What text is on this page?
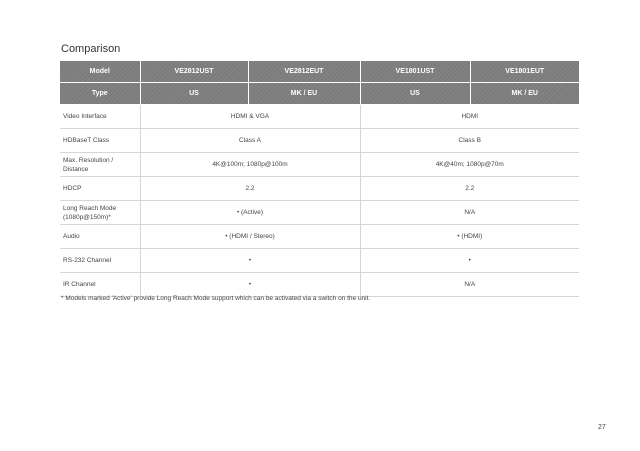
Comparison
Model	VE2812UST	VE2812EUT	VE1801UST	VE1801EUT
Type	US	MK / EU	US	MK / EU
Video Interface	HDMI & VGA		HDMI	
HDBaseT Class	Class A		Class B	
Max. Resolution /
Distance	4K@100m; 1080p@100m		4K@40m; 1080p@70m	
HDCP	2.2		2.2	
Long Reach Mode
(1080p@150m)*	• (Active)		N/A	
Audio	• (HDMI / Stereo)		• (HDMI)	
RS-232 Channel	•		•	
IR Channel	•		N/A	
* Models marked 'Active' provide Long Reach Mode support which can be activated via a switch on the unit.
27
